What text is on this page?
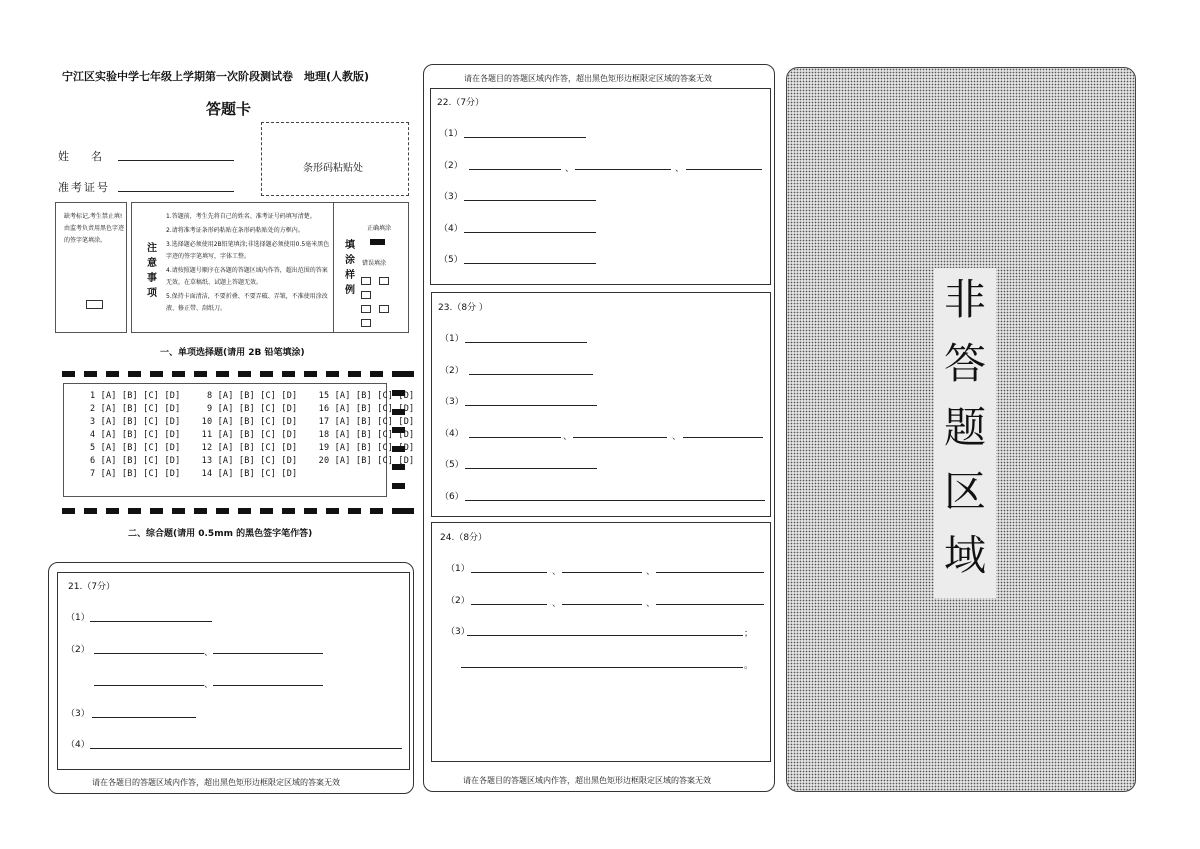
宁江区实验中学七年级上学期第一次阶段测试卷　地理(人教版)
答题卡
姓　　名
准考证号
条形码粘贴处
缺考标记,考生禁止填!由监考负责用黑色字迹的签字笔填涂。
注
意
事
项
1.答题前，考生先将自己的姓名、准考证号码填写清楚。
2.请将准考证条形码粘贴在条形码粘贴处的方框内。
3.选择题必须使用2B铅笔填涂;非选择题必须使用0.5毫米黑色字迹的签字笔填写，字体工整。
4.请按照题号顺序在各题的答题区域内作答，超出范围的答案无效，在草稿纸、试题上答题无效。
5.保持卡面清洁，不要折叠、不要弄破、弄皱，不准使用涂改液、修正带、刮纸刀。
填
涂
样
例
正确填涂
错误填涂
一、单项选择题(请用 2B 铅笔填涂)
1 [A] [B] [C] [D]     8 [A] [B] [C] [D]    15 [A] [B] [C] [D]
2 [A] [B] [C] [D]     9 [A] [B] [C] [D]    16 [A] [B] [C] [D]
3 [A] [B] [C] [D]    10 [A] [B] [C] [D]    17 [A] [B] [C] [D]
4 [A] [B] [C] [D]    11 [A] [B] [C] [D]    18 [A] [B] [C] [D]
5 [A] [B] [C] [D]    12 [A] [B] [C] [D]    19 [A] [B] [C] [D]
6 [A] [B] [C] [D]    13 [A] [B] [C] [D]    20 [A] [B] [C] [D]
7 [A] [B] [C] [D]    14 [A] [B] [C] [D]
二、综合题(请用 0.5mm 的黑色签字笔作答)
21.（7分）
（1）
（2）	、
、
（3）
（4）
请在各题目的答题区域内作答，超出黑色矩形边框限定区域的答案无效
请在各题目的答题区域内作答，超出黑色矩形边框限定区域的答案无效
22.（7分）
（1）
（2）	、	、
（3）
（4）
（5）
23.（8分 ）
（1）
（2）
（3）
（4）	、	、
（5）
（6）
24.（8分）
（1）	、	、
（2）	、	、
（3）	；
。
请在各题目的答题区域内作答，超出黑色矩形边框限定区域的答案无效
非
答
题
区
域
